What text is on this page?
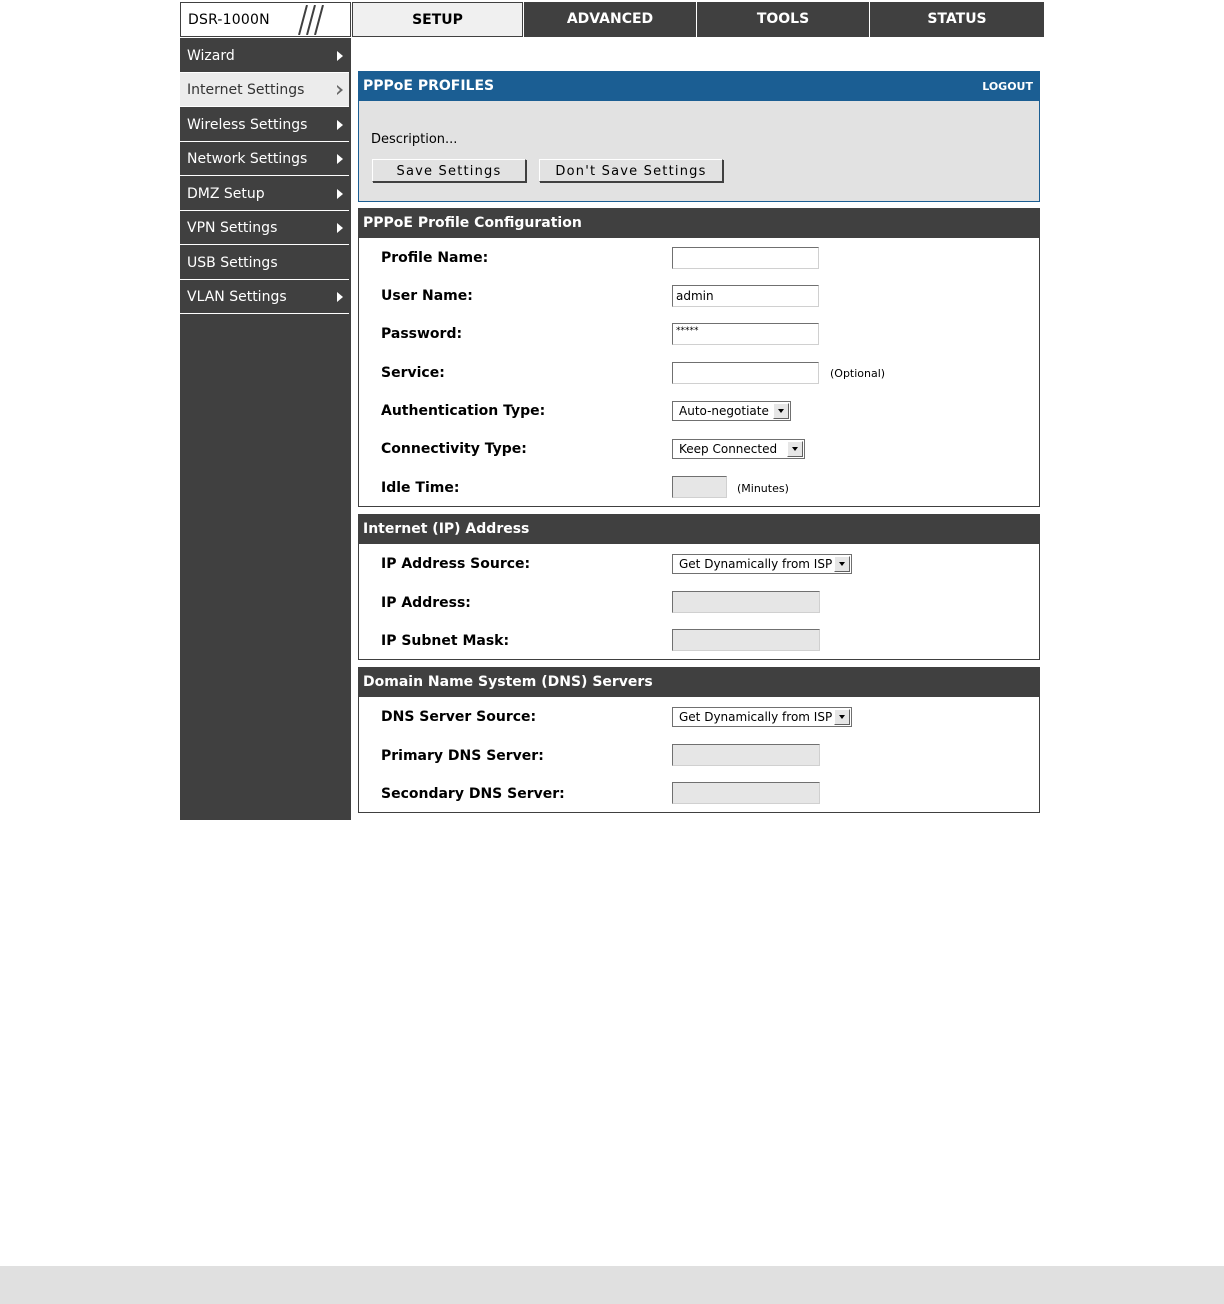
DSR-1000N	SETUP	ADVANCED	TOOLS	STATUS
Wizard
Internet Settings
Wireless Settings
Network Settings
DMZ Setup
VPN Settings
USB Settings
VLAN Settings
PPPoE PROFILES	LOGOUT
Description...
Save Settings	Don't Save Settings
PPPoE Profile Configuration
Profile Name:
User Name:	admin
Password:	*****
Service:	(Optional)
Authentication Type:	Auto-negotiate
Connectivity Type:	Keep Connected
Idle Time:	(Minutes)
Internet (IP) Address
IP Address Source:	Get Dynamically from ISP
IP Address:
IP Subnet Mask:
Domain Name System (DNS) Servers
DNS Server Source:	Get Dynamically from ISP
Primary DNS Server:
Secondary DNS Server:
